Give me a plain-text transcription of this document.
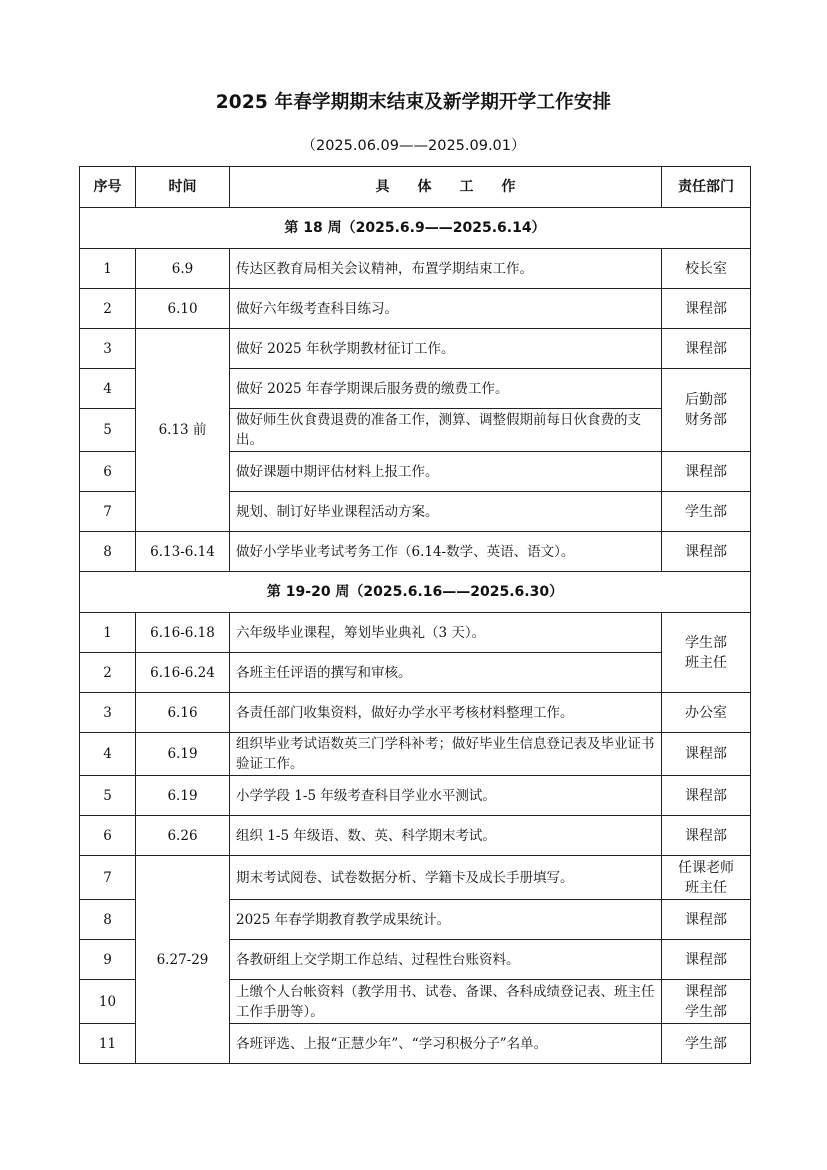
2025 年春学期期末结束及新学期开学工作安排
（2025.06.09——2025.09.01）
序号	时间	具　　体　　工　　作	责任部门
第 18 周（2025.6.9——2025.6.14）			
1	6.9	传达区教育局相关会议精神，布置学期结束工作。	校长室
2	6.10	做好六年级考查科目练习。	课程部
3	6.13 前	做好 2025 年秋学期教材征订工作。	课程部
4		做好 2025 年春学期课后服务费的缴费工作。	后勤部
财务部
5		做好师生伙食费退费的准备工作，测算、调整假期前每日伙食费的支出。	
6		做好课题中期评估材料上报工作。	课程部
7		规划、制订好毕业课程活动方案。	学生部
8	6.13-6.14	做好小学毕业考试考务工作（6.14-数学、英语、语文）。	课程部
第 19-20 周（2025.6.16——2025.6.30）			
1	6.16-6.18	六年级毕业课程，筹划毕业典礼（3 天）。	学生部
班主任
2	6.16-6.24	各班主任评语的撰写和审核。	
3	6.16	各责任部门收集资料，做好办学水平考核材料整理工作。	办公室
4	6.19	组织毕业考试语数英三门学科补考；做好毕业生信息登记表及毕业证书验证工作。	课程部
5	6.19	小学学段 1-5 年级考查科目学业水平测试。	课程部
6	6.26	组织 1-5 年级语、数、英、科学期末考试。	课程部
7	6.27-29	期末考试阅卷、试卷数据分析、学籍卡及成长手册填写。	任课老师
班主任
8		2025 年春学期教育教学成果统计。	课程部
9		各教研组上交学期工作总结、过程性台账资料。	课程部
10		上缴个人台帐资料（教学用书、试卷、备课、各科成绩登记表、班主任工作手册等）。	课程部
学生部
11		各班评选、上报“正慧少年”、“学习积极分子”名单。	学生部
